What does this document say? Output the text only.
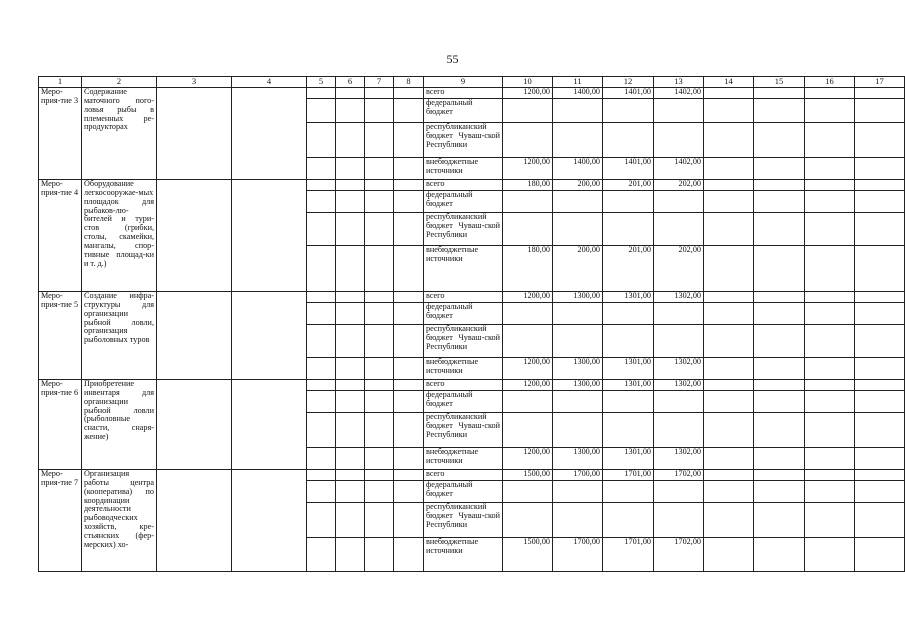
55
1	2	3	4	5	6	7	8	9	10	11	12	13	14	15	16	17
Меро-прия-тие 3	Содержание маточного пого-ловья рыбы в племенных ре-продукторах							всего	1200,00	1400,00	1401,00	1402,00				
								федеральный бюджет								
								республиканский бюджет Чуваш-ской Республики								
								внебюджетные источники	1200,00	1400,00	1401,00	1402,00				
Меро-прия-тие 4	Оборудование легкосооружае-мых площадок для рыбаков-лю-бителей и тури-стов (грибки, столы, скамейки, мангалы, спор-тивные площад-ки и т. д.)							всего	180,00	200,00	201,00	202,00				
								федеральный бюджет								
								республиканский бюджет Чуваш-ской Республики								
								внебюджетные источники	180,00	200,00	201,00	202,00				
Меро-прия-тие 5	Создание инфра-структуры для организации рыбной ловли, организация рыболовных туров							всего	1200,00	1300,00	1301,00	1302,00				
								федеральный бюджет								
								республиканский бюджет Чуваш-ской Республики								
								внебюджетные источники	1200,00	1300,00	1301,00	1302,00				
Меро-прия-тие 6	Приобретение инвентаря для организации рыбной ловли (рыболовные снасти, снаря-жение)							всего	1200,00	1300,00	1301,00	1302,00				
								федеральный бюджет								
								республиканский бюджет Чуваш-ской Республики								
								внебюджетные источники	1200,00	1300,00	1301,00	1302,00				
Меро-прия-тие 7	Организация работы центра (кооператива) по координации деятельности рыбоводческих хозяйств, кре-стьянских (фер-мерских) хо-							всего	1500,00	1700,00	1701,00	1702,00				
								федеральный бюджет								
								республиканский бюджет Чуваш-ской Республики								
								внебюджетные источники	1500,00	1700,00	1701,00	1702,00				
